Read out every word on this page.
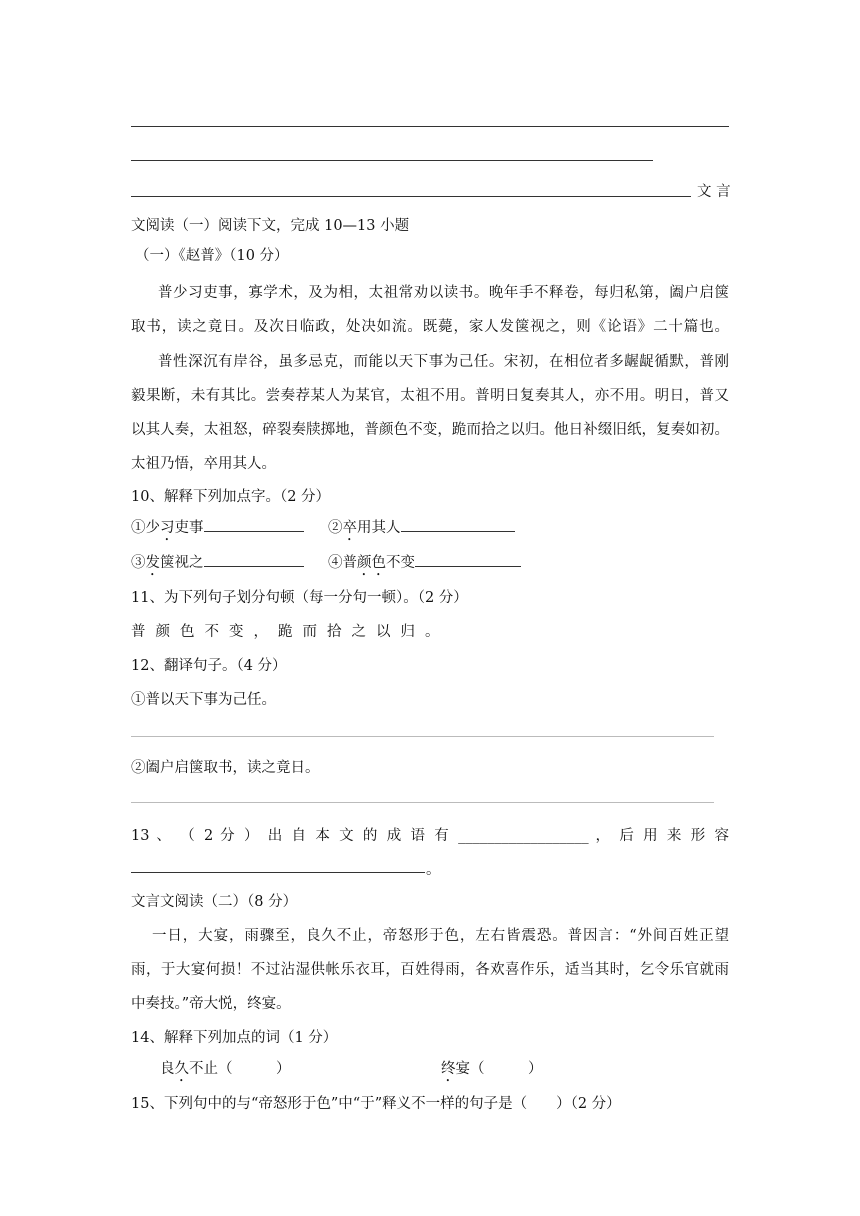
文 言
文阅读（一）阅读下文，完成 10—13 小题
（一）《赵普》（10 分）
普少习吏事，寡学术，及为相，太祖常劝以读书。晚年手不释卷，每归私第，阖户启箧
取书，读之竟日。及次日临政，处决如流。既薨，家人发箧视之，则《论语》二十篇也。
普性深沉有岸谷，虽多忌克，而能以天下事为己任。宋初，在相位者多龌龊循默，普刚
毅果断，未有其比。尝奏荐某人为某官，太祖不用。普明日复奏其人，亦不用。明日，普又
以其人奏，太祖怒，碎裂奏牍掷地，普颜色不变，跪而拾之以归。他日补缀旧纸，复奏如初。
太祖乃悟，卒用其人。
10、解释下列加点字。（2 分）
①少习吏事	②卒用其人
③发箧视之	④普颜色不变
11、为下列句子划分句顿（每一分句一顿）。（2 分）
普颜色不变，跪而拾之以归。
12、翻译句子。（4 分）
①普以天下事为己任。
②阖户启箧取书，读之竟日。
13 、 （ 2 分 ） 出 自 本 文 的 成 语 有 __________________ ， 后 用 来 形 容
。
文言文阅读（二）（8 分）
一日，大宴，雨骤至，良久不止，帝怒形于色，左右皆震恐。普因言：“外间百姓正望
雨，于大宴何损！不过沾湿供帐乐衣耳，百姓得雨，各欢喜作乐，适当其时，乞令乐官就雨
中奏技。”帝大悦，终宴。
14、解释下列加点的词（1 分）
良久不止（　　　）	终宴（　　　）
15、下列句中的与“帝怒形于色”中“于”释义不一样的句子是（　　）（2 分）
